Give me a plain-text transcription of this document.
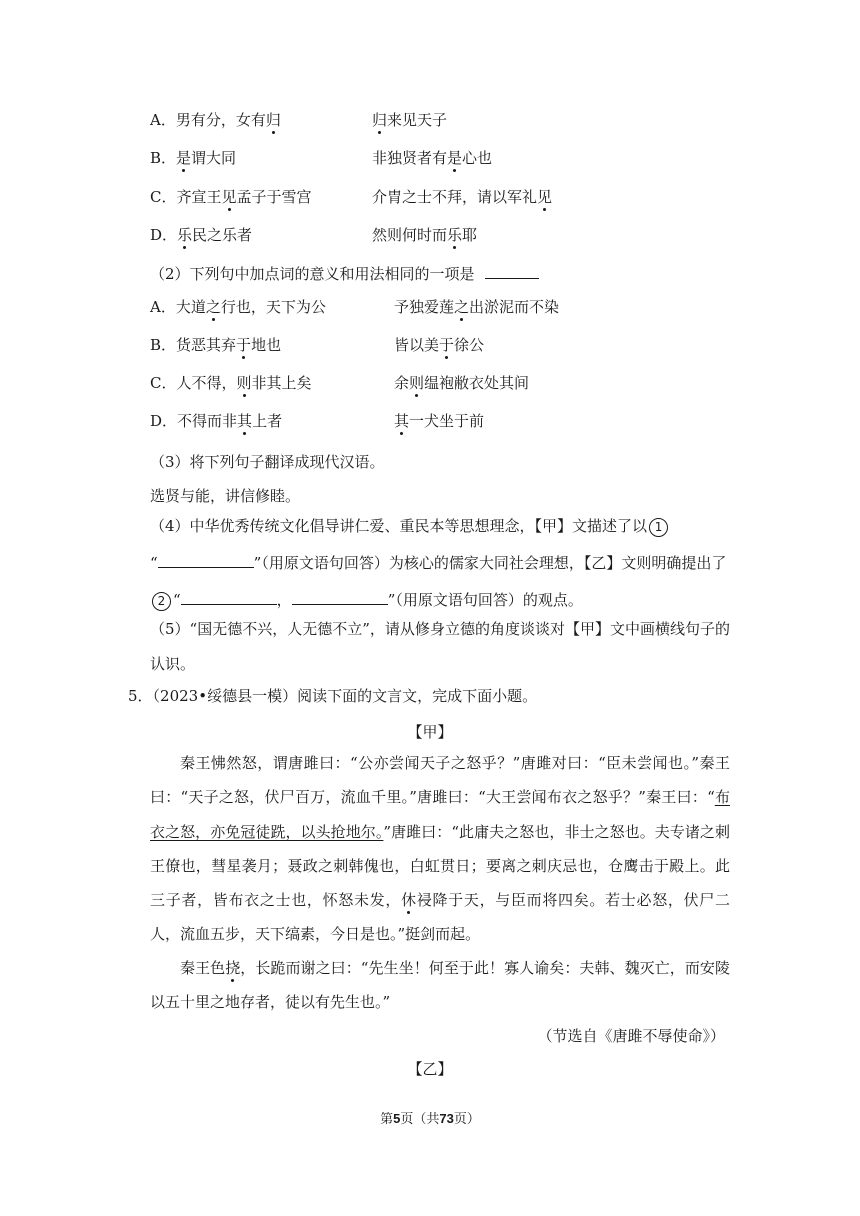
A．男有分，女有归	归来见天子
B．是谓大同	非独贤者有是心也
C．齐宣王见孟子于雪宫	介胄之士不拜，请以军礼见
D．乐民之乐者	然则何时而乐耶
（2）下列句中加点词的意义和用法相同的一项是
A．大道之行也，天下为公	予独爱莲之出淤泥而不染
B．货恶其弃于地也	皆以美于徐公
C．人不得，则非其上矣	余则缊袍敝衣处其间
D．不得而非其上者	其一犬坐于前
（3）将下列句子翻译成现代汉语。
选贤与能，讲信修睦。
（4）中华优秀传统文化倡导讲仁爱、重民本等思想理念，【甲】文描述了以 1
“	”（用原文语句回答）为核心的儒家大同社会理想，【乙】文则明确提出了
2 “	，	”（用原文语句回答）的观点。
（5）“国无德不兴，人无德不立”，请从修身立德的角度谈谈对【甲】文中画横线句子的认识。
5．（2023•绥德县一模）阅读下面的文言文，完成下面小题。
【甲】
秦王怫然怒，谓唐雎曰：“公亦尝闻天子之怒乎？”唐雎对曰：“臣未尝闻也。”秦王曰：“天子之怒，伏尸百万，流血千里。”唐雎曰：“大王尝闻布衣之怒乎？”秦王曰：“布衣之怒，亦免冠徒跣，以头抢地尔。”唐雎曰：“此庸夫之怒也，非士之怒也。夫专诸之刺王僚也，彗星袭月；聂政之刺韩傀也，白虹贯日；要离之刺庆忌也，仓鹰击于殿上。此三子者，皆布衣之士也，怀怒未发，休祲降于天，与臣而将四矣。若士必怒，伏尸二人，流血五步，天下缟素，今日是也。”挺剑而起。
秦王色挠，长跪而谢之曰：“先生坐！何至于此！寡人谕矣：夫韩、魏灭亡，而安陵以五十里之地存者，徒以有先生也。”
（节选自《唐雎不辱使命》）
【乙】
第5页（共73页）
